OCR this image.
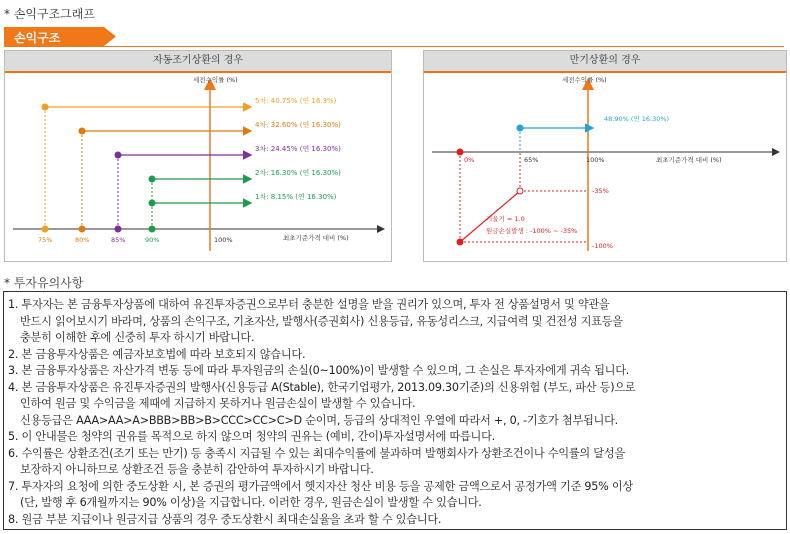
* 손익구조그래프
손익구조
자동조기상환의 경우
세전수익률 (%)
최초기준가격 대비 (%)
5차: 40.75% (연 16.3%)
4차: 32.60% (연 16.30%)
3차: 24.45% (연 16.30%)
2차: 16.30% (연 16.30%)
1차: 8.15% (연 16.30%)
75%	80%	85%	90%	100%
만기상환의 경우
세전수익률 (%)
최초기준가격 대비 (%)
48.90% (연 16.30%)
0%	65%	100%
-35%
-100%
기울기 = 1.0
원금손실발생 : -100% ~ -35%
* 투자유의사항
1. 투자자는 본 금융투자상품에 대하여 유진투자증권으로부터 충분한 설명을 받을 권리가 있으며, 투자 전 상품설명서 및 약관을
반드시 읽어보시기 바라며, 상품의 손익구조, 기초자산, 발행사(증권회사) 신용등급, 유동성리스크, 지급여력 및 건전성 지표등을
충분히 이해한 후에 신중히 투자 하시기 바랍니다.
2. 본 금융투자상품은 예금자보호법에 따라 보호되지 않습니다.
3. 본 금융투자상품은 자산가격 변동 등에 따라 투자원금의 손실(0~100%)이 발생할 수 있으며, 그 손실은 투자자에게 귀속 됩니다.
4. 본 금융투자상품은 유진투자증권의 발행사(신용등급 A(Stable), 한국기업평가, 2013.09.30기준)의 신용위험 (부도, 파산 등)으로
인하여 원금 및 수익금을 제때에 지급하지 못하거나 원금손실이 발생할 수 있습니다.
신용등급은 AAA>AA>A>BBB>BB>B>CCC>CC>C>D 순이며, 등급의 상대적인 우열에 따라서 +, 0, -기호가 첨부됩니다.
5. 이 안내물은 청약의 권유를 목적으로 하지 않으며 청약의 권유는 (예비, 간이)투자설명서에 따릅니다.
6. 수익률은 상환조건(조기 또는 만기) 등 충족시 지급될 수 있는 최대수익률에 불과하며 발행회사가 상환조건이나 수익률의 달성을
보장하지 아니하므로 상환조건 등을 충분히 감안하여 투자하시기 바랍니다.
7. 투자자의 요청에 의한 중도상환 시, 본 증권의 평가금액에서 헷지자산 청산 비용 등을 공제한 금액으로서 공정가액 기준 95% 이상
(단, 발행 후 6개월까지는 90% 이상)을 지급합니다. 이러한 경우, 원금손실이 발생할 수 있습니다.
8. 원금 부분 지급이나 원금지급 상품의 경우 중도상환시 최대손실율을 초과 할 수 있습니다.
